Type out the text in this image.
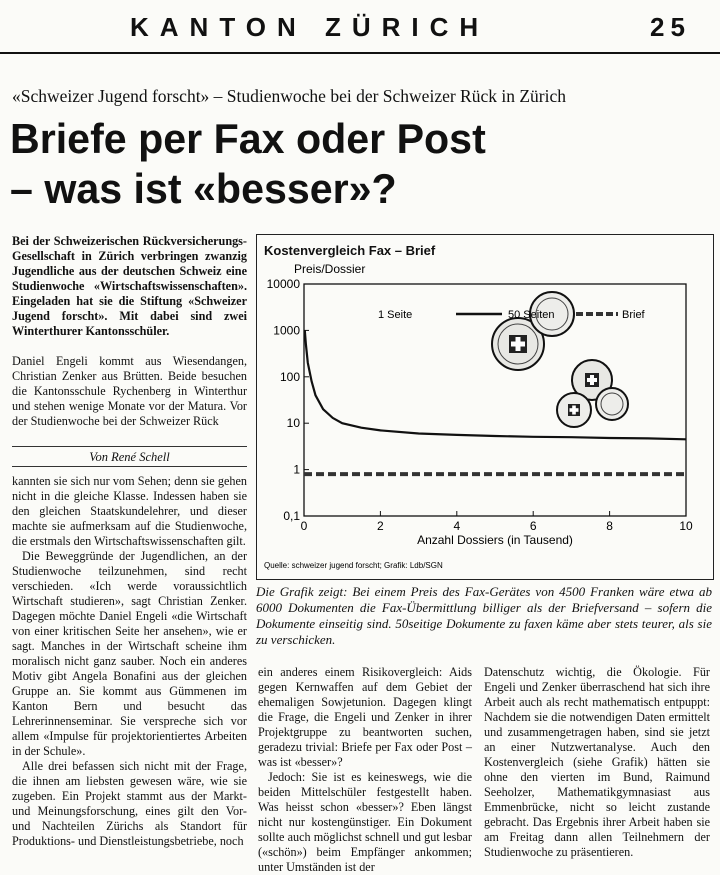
KANTON ZÜRICH	25
«Schweizer Jugend forscht» – Studienwoche bei der Schweizer Rück in Zürich
Briefe per Fax oder Post
– was ist «besser»?
Bei der Schweizerischen Rückversicherungs-Gesellschaft in Zürich verbringen zwanzig Jugendliche aus der deutschen Schweiz eine Studienwoche «Wirtschaftswissenschaften». Eingeladen hat sie die Stiftung «Schweizer Jugend forscht». Mit dabei sind zwei Winterthurer Kantonsschüler.
Daniel Engeli kommt aus Wiesendangen, Christian Zenker aus Brütten. Beide besuchen die Kantonsschule Rychenberg in Winterthur und stehen wenige Monate vor der Matura. Vor der Studienwoche bei der Schweizer Rück
Von René Schell

kannten sie sich nur vom Sehen; denn sie gehen nicht in die gleiche Klasse. Indessen haben sie den gleichen Staatskundelehrer, und dieser machte sie aufmerksam auf die Studienwoche, die erstmals den Wirtschaftswissenschaften gilt.

Die Beweggründe der Jugendlichen, an der Studienwoche teilzunehmen, sind recht verschieden. «Ich werde voraussichtlich Wirtschaft studieren», sagt Christian Zenker. Dagegen möchte Daniel Engeli «die Wirtschaft von einer kritischen Seite her ansehen», wie er sagt. Manches in der Wirtschaft scheine ihm moralisch nicht ganz sauber. Noch ein anderes Motiv gibt Angela Bonafini aus der gleichen Gruppe an. Sie kommt aus Gümmenen im Kanton Bern und besucht das Lehrerinnenseminar. Sie verspreche sich vor allem «Impulse für projektorientiertes Arbeiten in der Schule».

Alle drei befassen sich nicht mit der Frage, die ihnen am liebsten gewesen wäre, wie sie zugeben. Ein Projekt stammt aus der Markt- und Meinungsforschung, eines gilt den Vor- und Nachteilen Zürichs als Standort für Produktions- und Dienstleistungsbetriebe, noch

Kostenvergleich Fax – Brief
0,1
1
10
100
1000
10000
0	2	4	6	8	10
Preis/Dossier
Anzahl Dossiers (in Tausend)
Quelle: schweizer jugend forscht; Grafik: Ldb/SGN
1 Seite	50 Seiten	Brief
Die Grafik zeigt: Bei einem Preis des Fax-Gerätes von 4500 Franken wäre etwa ab 6000 Dokumenten die Fax-Übermittlung billiger als der Briefversand – sofern die Dokumente einseitig sind. 50seitige Dokumente zu faxen käme aber stets teurer, als sie zu verschicken.

ein anderes einem Risikovergleich: Aids gegen Kernwaffen auf dem Gebiet der ehemaligen Sowjetunion. Dagegen klingt die Frage, die Engeli und Zenker in ihrer Projektgruppe zu beantworten suchen, geradezu trivial: Briefe per Fax oder Post – was ist «besser»?

Jedoch: Sie ist es keineswegs, wie die beiden Mittelschüler festgestellt haben. Was heisst schon «besser»? Eben längst nicht nur kostengünstiger. Ein Dokument sollte auch möglichst schnell und gut lesbar («schön») beim Empfänger ankommen; unter Umständen ist der

Datenschutz wichtig, die Ökologie. Für Engeli und Zenker überraschend hat sich ihre Arbeit auch als recht mathematisch entpuppt: Nachdem sie die notwendigen Daten ermittelt und zusammengetragen haben, sind sie jetzt an einer Nutzwertanalyse. Auch den Kostenvergleich (siehe Grafik) hätten sie ohne den vierten im Bund, Raimund Seeholzer, Mathematikgymnasiast aus Emmenbrücke, nicht so leicht zustande gebracht. Das Ergebnis ihrer Arbeit haben sie am Freitag dann allen Teilnehmern der Studienwoche zu präsentieren.
